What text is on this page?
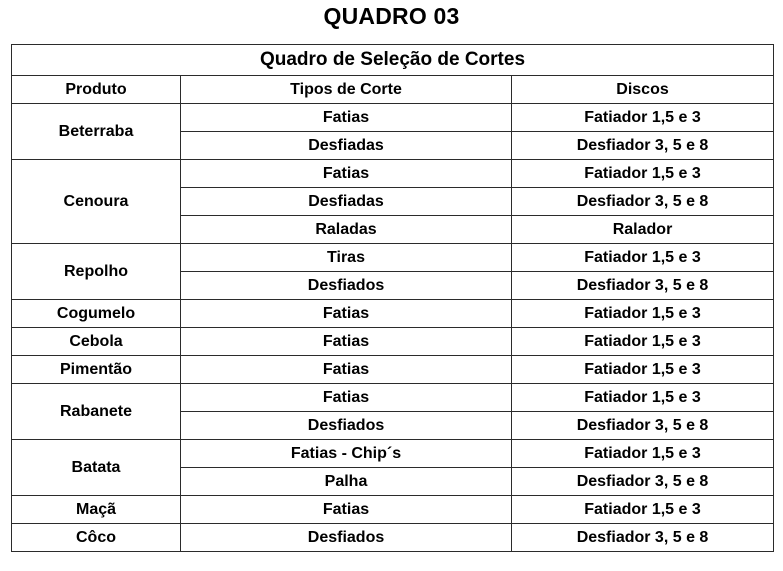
QUADRO 03
Quadro de Seleção de Cortes		
Produto	Tipos de Corte	Discos
Beterraba	Fatias	Fatiador 1,5 e 3
	Desfiadas	Desfiador 3, 5 e 8
Cenoura	Fatias	Fatiador 1,5 e 3
	Desfiadas	Desfiador 3, 5 e 8
	Raladas	Ralador
Repolho	Tiras	Fatiador 1,5 e 3
	Desfiados	Desfiador 3, 5 e 8
Cogumelo	Fatias	Fatiador 1,5 e 3
Cebola	Fatias	Fatiador 1,5 e 3
Pimentão	Fatias	Fatiador 1,5 e 3
Rabanete	Fatias	Fatiador 1,5 e 3
	Desfiados	Desfiador 3, 5 e 8
Batata	Fatias - Chip´s	Fatiador 1,5 e 3
	Palha	Desfiador 3, 5 e 8
Maçã	Fatias	Fatiador 1,5 e 3
Côco	Desfiados	Desfiador 3, 5 e 8
